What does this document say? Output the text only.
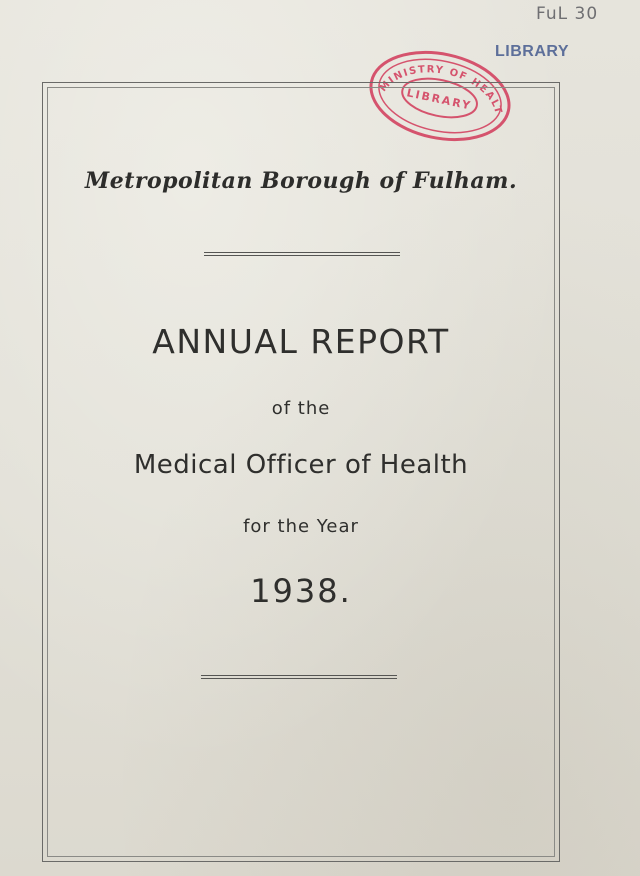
FuL 30
LIBRARY
MINISTRY OF HEALTH
LIBRARY
Metropolitan Borough of Fulham.
ANNUAL REPORT
of the
Medical Officer of Health
for the Year
1938.
